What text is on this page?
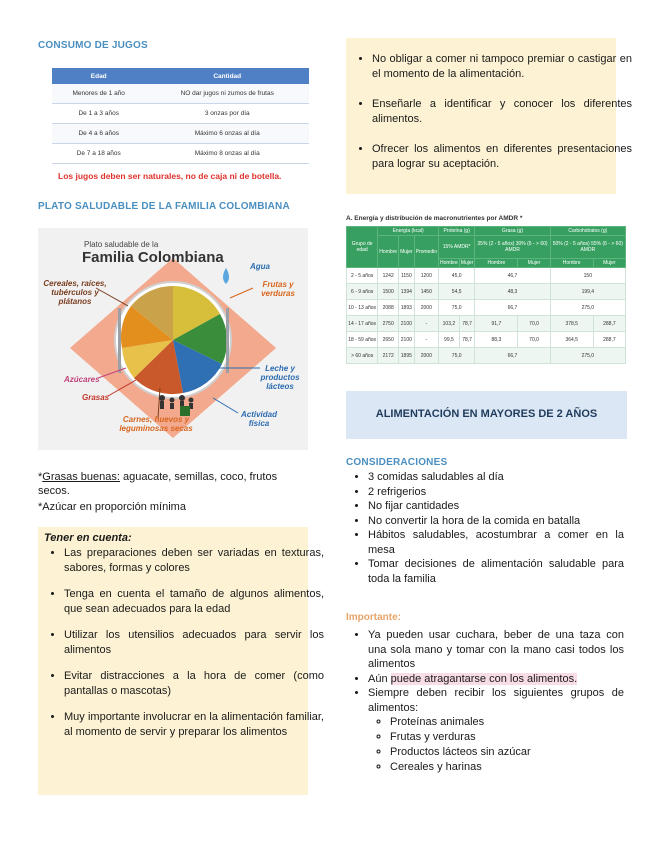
CONSUMO DE JUGOS
Edad	Cantidad
Menores de 1 año	NO dar jugos ni zumos de frutas
De 1 a 3 años	3 onzas por día
De 4 a 6 años	Máximo 6 onzas al día
De 7 a 18 años	Máximo 8 onzas al día
Los jugos deben ser naturales, no de caja ni de botella.
PLATO SALUDABLE DE LA FAMILIA COLOMBIANA
Plato saludable de la
Familia Colombiana
Agua
Frutas y verduras
Cereales, raíces, tubérculos y plátanos
Leche y productos lácteos
Azúcares
Grasas
Carnes, huevos y leguminosas secas
Actividad física
*Grasas buenas: aguacate, semillas, coco, frutos secos.
*Azúcar en proporción mínima
Tener en cuenta:
• Las preparaciones deben ser variadas en texturas, sabores, formas y colores
• Tenga en cuenta el tamaño de algunos alimentos, que sean adecuados para la edad
• Utilizar los utensilios adecuados para servir los alimentos
• Evitar distracciones a la hora de comer (como pantallas o mascotas)
• Muy importante involucrar en la alimentación familiar, al momento de servir y preparar los alimentos
• No obligar a comer ni tampoco premiar o castigar en el momento de la alimentación.
• Enseñarle a identificar y conocer los diferentes alimentos.
• Ofrecer los alimentos en diferentes presentaciones para lograr su aceptación.
A. Energía y distribución de macronutrientes por AMDR *
Grupo de edad	Energía (kcal)			Proteína (g)		Grasa (g)		Carbohidratos (g)	
	Hombre	Mujer	Promedio	15% AMDR*		35% (2 - 5 años) 30% (6 - > 60) AMDR		50% (2 - 5 años) 55% (6 - > 60) AMDR	
				Hombre	Mujer	Hombre	Mujer	Hombre	Mujer
2 - 5 años	1242	1150	1200	45,0		46,7		150	
6 - 9 años	1500	1394	1450	54,5		48,3		199,4	
10 - 13 años	2088	1893	2000	75,0		66,7		275,0	
14 - 17 años	2750	2100	-	103,2	78,7	91,7	70,0	378,5	288,7
18 - 59 años	2650	2100	-	99,5	78,7	88,3	70,0	364,5	288,7
> 60 años	2172	1895	2000	75,0		66,7		275,0	
ALIMENTACIÓN EN MAYORES DE 2 AÑOS
CONSIDERACIONES
• 3 comidas saludables al día
• 2 refrigerios
• No fijar cantidades
• No convertir la hora de la comida en batalla
• Hábitos saludables, acostumbrar a comer en la mesa
• Tomar decisiones de alimentación saludable para toda la familia
Importante:
• Ya pueden usar cuchara, beber de una taza con una sola mano y tomar con la mano casi todos los alimentos
• Aún puede atragantarse con los alimentos.
• Siempre deben recibir los siguientes grupos de alimentos:
◦ Proteínas animales
◦ Frutas y verduras
◦ Productos lácteos sin azúcar
◦ Cereales y harinas
